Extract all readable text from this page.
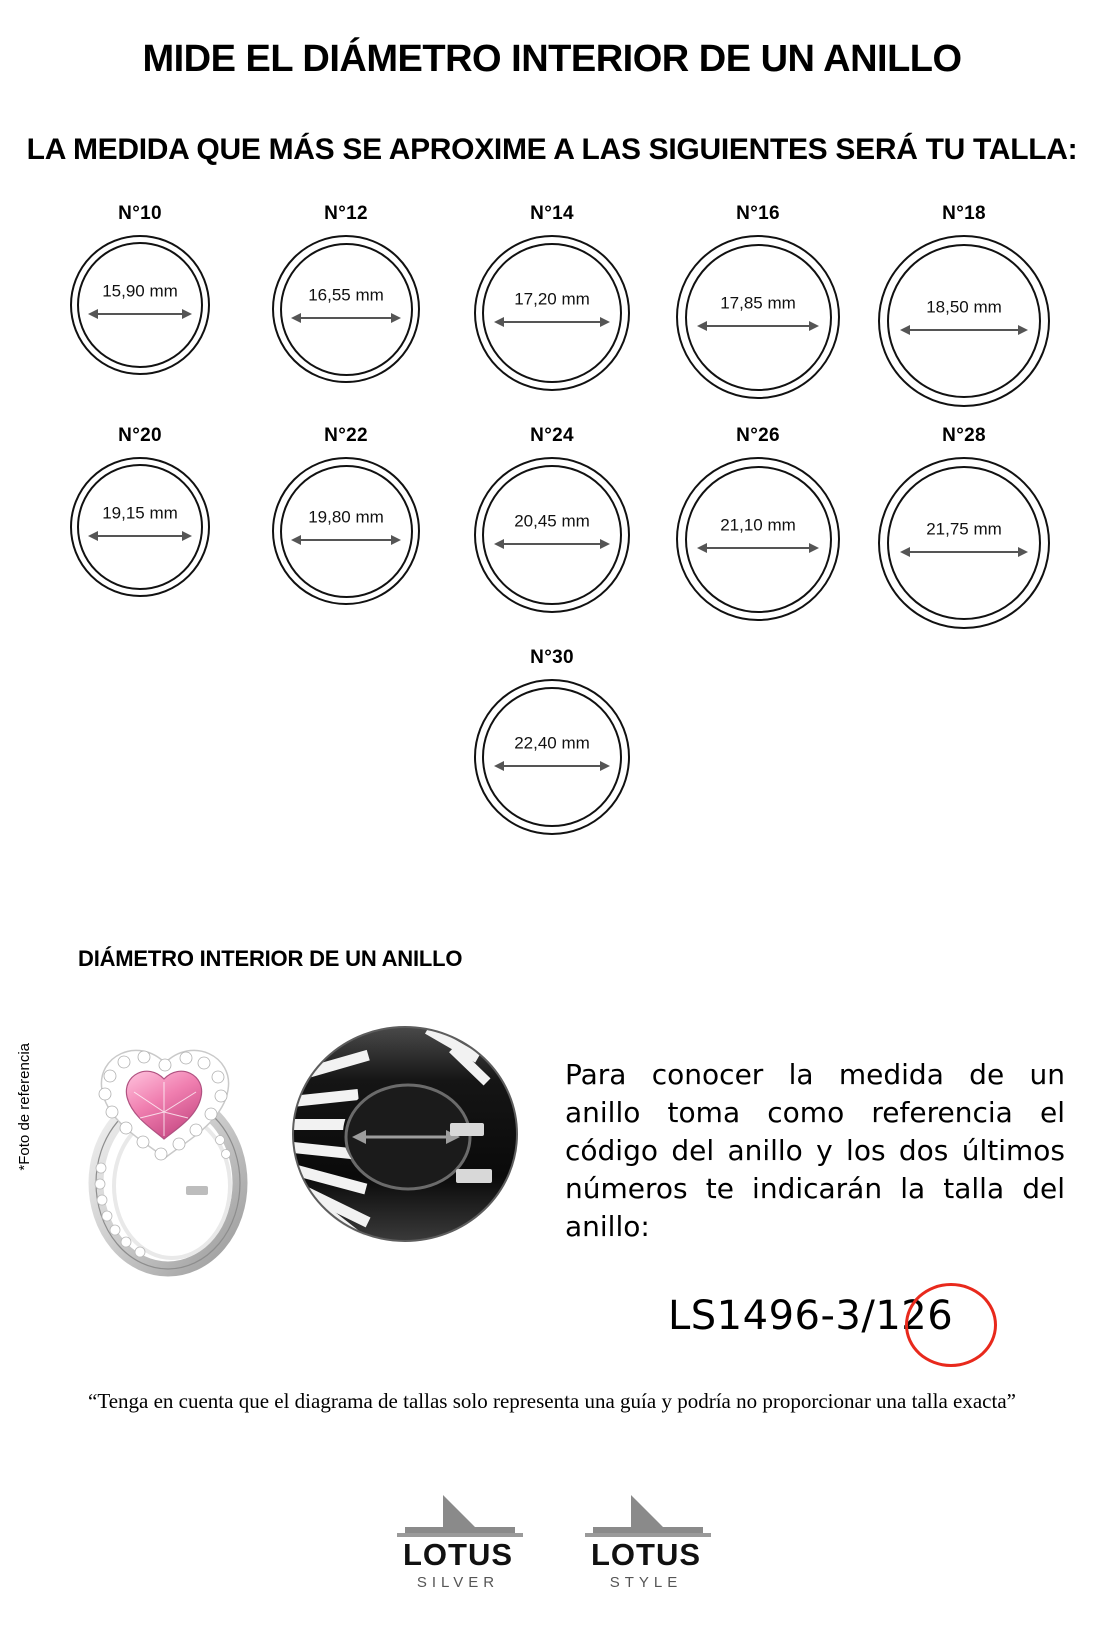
MIDE EL DIÁMETRO INTERIOR DE UN ANILLO
LA MEDIDA QUE MÁS SE APROXIME A LAS SIGUIENTES SERÁ TU TALLA:
N°10
15,90 mm
N°12
16,55 mm
N°14
17,20 mm
N°16
17,85 mm
N°18
18,50 mm
N°20
19,15 mm
N°22
19,80 mm
N°24
20,45 mm
N°26
21,10 mm
N°28
21,75 mm
N°30
22,40 mm
DIÁMETRO INTERIOR DE UN ANILLO
*Foto de referencia	Para conocer la medida de un anillo toma como referencia el código del anillo y los dos últimos números te indicarán la talla del anillo:
LS1496-3/126
“Tenga en cuenta que el diagrama de tallas solo representa una guía y podría no proporcionar una talla exacta”
LOTUS
SILVER
LOTUS
STYLE
